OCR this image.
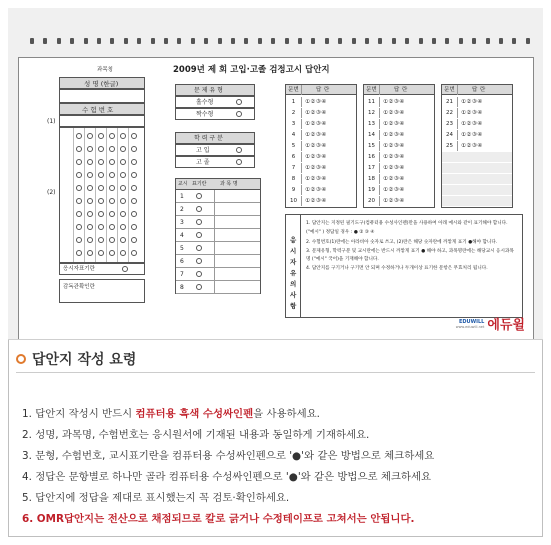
2009년 제 회 고입·고졸 검정고시 답안지
과목칭
성 명 (한글)
수 험 번 호
(1)
(2)
응시자표기란
감독관확인란
문 제 유 형
홀수형
짝수형
학 력 구 분
고 입
고 졸
교시 표기란	과 목 명
1
2
3
4
5
6
7
8
문번	답 란
1 ①②③④
2 ①②③④
3 ①②③④
4 ①②③④
5 ①②③④
6 ①②③④
7 ①②③④
8 ①②③④
9 ①②③④
10 ①②③④
문번	답 란
11 ①②③④
12 ①②③④
13 ①②③④
14 ①②③④
15 ①②③④
16 ①②③④
17 ①②③④
18 ①②③④
19 ①②③④
20 ①②③④
문번	답 란
21 ①②③④
22 ①②③④
23 ①②③④
24 ①②③④
25 ①②③④
응시자유의사항
1. 답안지는 지정된 필기도구(컴퓨터용 수성사인펜)만을 사용하여 아래 예시와 같이 표기해야 합니다.
("예시" ) 정답일 경우 : ● ② ③ ④
2. 수험번호(1)란에는 아라비아 숫자로 쓰고, (2)란은 해당 숫자란에 까맣게 표기 ●해야 합니다.
3. 문제유형, 학력구분 및 교시란에는 반드시 까맣게 표기 ● 해야 하고, 과목명란에는 해당교시 응시과목명 ("예시" 국어)을 기재해야 합니다.
4. 답안지를 구기거나 구기면 안 되며 수정하거나 두개이상 표기한 문항은 무효처리 됩니다.
EDUWILL
www.eduwill.net 에듀윌
답안지 작성 요령
1. 답안지 작성시 반드시 컴퓨터용 흑색 수성싸인펜을 사용하세요.
2. 성명, 과목명, 수험번호는 응시원서에 기재된 내용과 동일하게 기재하세요.
3. 문형, 수험번호, 교시표기란을 컴퓨터용 수성싸인펜으로 '●'와 같은 방법으로 체크하세요
4. 정답은 문항별로 하나만 골라 컴퓨터용 수성싸인펜으로 '●'와 같은 방법으로 체크하세요
5. 답안지에 정답을 제대로 표시했는지 꼭 검토·확인하세요.
6. OMR답안지는 전산으로 채점되므로 칼로 긁거나 수정테이프로 고쳐서는 안됩니다.
